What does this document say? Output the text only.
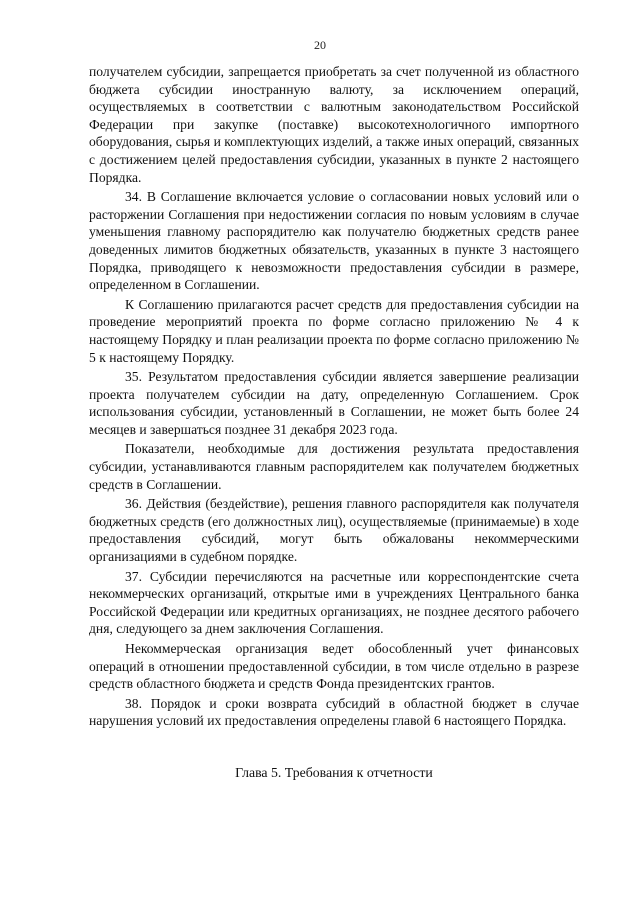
20

получателем субсидии, запрещается приобретать за счет полученной из областного бюджета субсидии иностранную валюту, за исключением операций, осуществляемых в соответствии с валютным законодательством Российской Федерации при закупке (поставке) высокотехнологичного импортного оборудования, сырья и комплектующих изделий, а также иных операций, связанных с достижением целей предоставления субсидии, указанных в пункте 2 настоящего Порядка.

34. В Соглашение включается условие о согласовании новых условий или о расторжении Соглашения при недостижении согласия по новым условиям в случае уменьшения главному распорядителю как получателю бюджетных средств ранее доведенных лимитов бюджетных обязательств, указанных в пункте 3 настоящего Порядка, приводящего к невозможности предоставления субсидии в размере, определенном в Соглашении.

К Соглашению прилагаются расчет средств для предоставления субсидии на проведение мероприятий проекта по форме согласно приложению № 4 к настоящему Порядку и план реализации проекта по форме согласно приложению № 5 к настоящему Порядку.

35. Результатом предоставления субсидии является завершение реализации проекта получателем субсидии на дату, определенную Соглашением. Срок использования субсидии, установленный в Соглашении, не может быть более 24 месяцев и завершаться позднее 31 декабря 2023 года.

Показатели, необходимые для достижения результата предоставления субсидии, устанавливаются главным распорядителем как получателем бюджетных средств в Соглашении.

36. Действия (бездействие), решения главного распорядителя как получателя бюджетных средств (его должностных лиц), осуществляемые (принимаемые) в ходе предоставления субсидий, могут быть обжалованы некоммерческими организациями в судебном порядке.

37. Субсидии перечисляются на расчетные или корреспондентские счета некоммерческих организаций, открытые ими в учреждениях Центрального банка Российской Федерации или кредитных организациях, не позднее десятого рабочего дня, следующего за днем заключения Соглашения.

Некоммерческая организация ведет обособленный учет финансовых операций в отношении предоставленной субсидии, в том числе отдельно в разрезе средств областного бюджета и средств Фонда президентских грантов.

38. Порядок и сроки возврата субсидий в областной бюджет в случае нарушения условий их предоставления определены главой 6 настоящего Порядка.

Глава 5. Требования к отчетности
